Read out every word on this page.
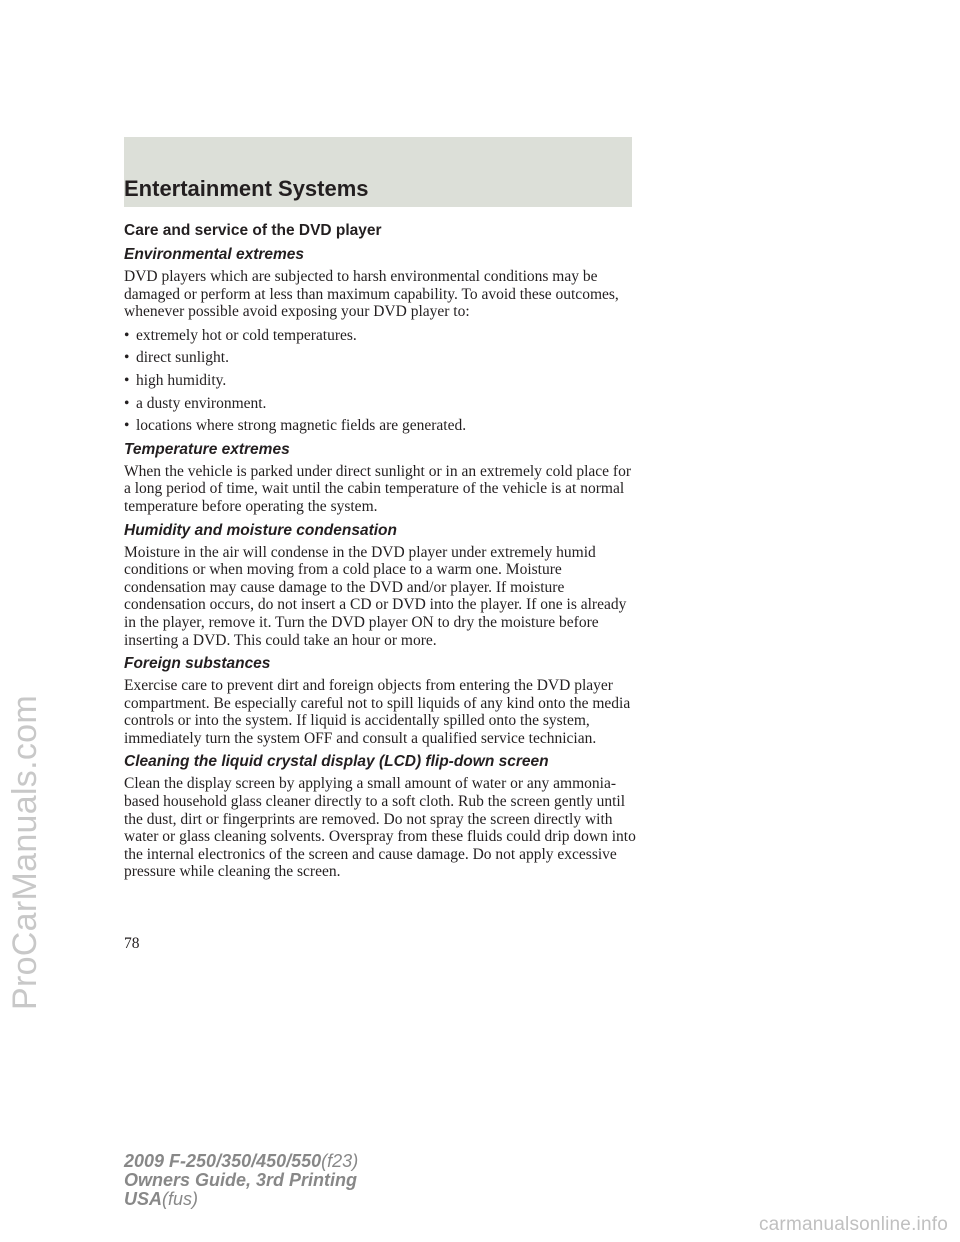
ProCarManuals.com
Entertainment Systems
Care and service of the DVD player
Environmental extremes

DVD players which are subjected to harsh environmental conditions may be damaged or perform at less than maximum capability. To avoid these outcomes, whenever possible avoid exposing your DVD player to:

• extremely hot or cold temperatures.
• direct sunlight.
• high humidity.
• a dusty environment.
• locations where strong magnetic fields are generated.
Temperature extremes

When the vehicle is parked under direct sunlight or in an extremely cold place for a long period of time, wait until the cabin temperature of the vehicle is at normal temperature before operating the system.

Humidity and moisture condensation

Moisture in the air will condense in the DVD player under extremely humid conditions or when moving from a cold place to a warm one. Moisture condensation may cause damage to the DVD and/or player. If moisture condensation occurs, do not insert a CD or DVD into the player. If one is already in the player, remove it. Turn the DVD player ON to dry the moisture before inserting a DVD. This could take an hour or more.

Foreign substances

Exercise care to prevent dirt and foreign objects from entering the DVD player compartment. Be especially careful not to spill liquids of any kind onto the media controls or into the system. If liquid is accidentally spilled onto the system, immediately turn the system OFF and consult a qualified service technician.

Cleaning the liquid crystal display (LCD) flip-down screen

Clean the display screen by applying a small amount of water or any ammonia-based household glass cleaner directly to a soft cloth. Rub the screen gently until the dust, dirt or fingerprints are removed. Do not spray the screen directly with water or glass cleaning solvents. Overspray from these fluids could drip down into the internal electronics of the screen and cause damage. Do not apply excessive pressure while cleaning the screen.

78
2009 F-250/350/450/550(f23)
Owners Guide, 3rd Printing
USA(fus)
carmanualsonline.info
